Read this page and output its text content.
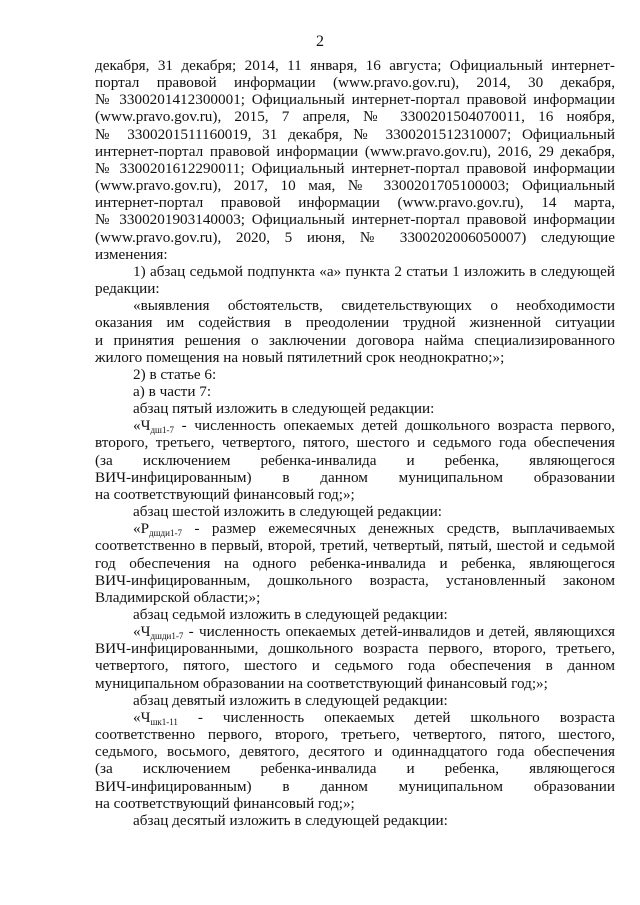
2

декабря, 31 декабря; 2014, 11 января, 16 августа; Официальный интернет-

портал правовой информации (www.pravo.gov.ru), 2014, 30 декабря,

№ 3300201412300001; Официальный интернет-портал правовой информации

(www.pravo.gov.ru), 2015, 7 апреля, № 3300201504070011, 16 ноября,

№ 3300201511160019, 31 декабря, № 3300201512310007; Официальный

интернет-портал правовой информации (www.pravo.gov.ru), 2016, 29 декабря,

№ 3300201612290011; Официальный интернет-портал правовой информации

(www.pravo.gov.ru), 2017, 10 мая, № 3300201705100003; Официальный

интернет-портал правовой информации (www.pravo.gov.ru), 14 марта,

№ 3300201903140003; Официальный интернет-портал правовой информации

(www.pravo.gov.ru), 2020, 5 июня, № 3300202006050007) следующие

изменения:

1) абзац седьмой подпункта «а» пункта 2 статьи 1 изложить в следующей

редакции:

«выявления обстоятельств, свидетельствующих о необходимости

оказания им содействия в преодолении трудной жизненной ситуации

и принятия решения о заключении договора найма специализированного

жилого помещения на новый пятилетний срок неоднократно;»;

2) в статье 6:

а) в части 7:

абзац пятый изложить в следующей редакции:

«$Ч_{дш1-7}$ - численность опекаемых детей дошкольного возраста первого,

второго, третьего, четвертого, пятого, шестого и седьмого года обеспечения

(за исключением ребенка-инвалида и ребенка, являющегося

ВИЧ-инфицированным) в данном муниципальном образовании

на соответствующий финансовый год;»;

абзац шестой изложить в следующей редакции:

«$Р_{дшди1-7}$ - размер ежемесячных денежных средств, выплачиваемых

соответственно в первый, второй, третий, четвертый, пятый, шестой и седьмой

год обеспечения на одного ребенка-инвалида и ребенка, являющегося

ВИЧ-инфицированным, дошкольного возраста, установленный законом

Владимирской области;»;

абзац седьмой изложить в следующей редакции:

«$Ч_{дшди1-7}$ - численность опекаемых детей-инвалидов и детей, являющихся

ВИЧ-инфицированными, дошкольного возраста первого, второго, третьего,

четвертого, пятого, шестого и седьмого года обеспечения в данном

муниципальном образовании на соответствующий финансовый год;»;

абзац девятый изложить в следующей редакции:

«$Ч_{шк1-11}$ - численность опекаемых детей школьного возраста

соответственно первого, второго, третьего, четвертого, пятого, шестого,

седьмого, восьмого, девятого, десятого и одиннадцатого года обеспечения

(за исключением ребенка-инвалида и ребенка, являющегося

ВИЧ-инфицированным) в данном муниципальном образовании

на соответствующий финансовый год;»;

абзац десятый изложить в следующей редакции:
